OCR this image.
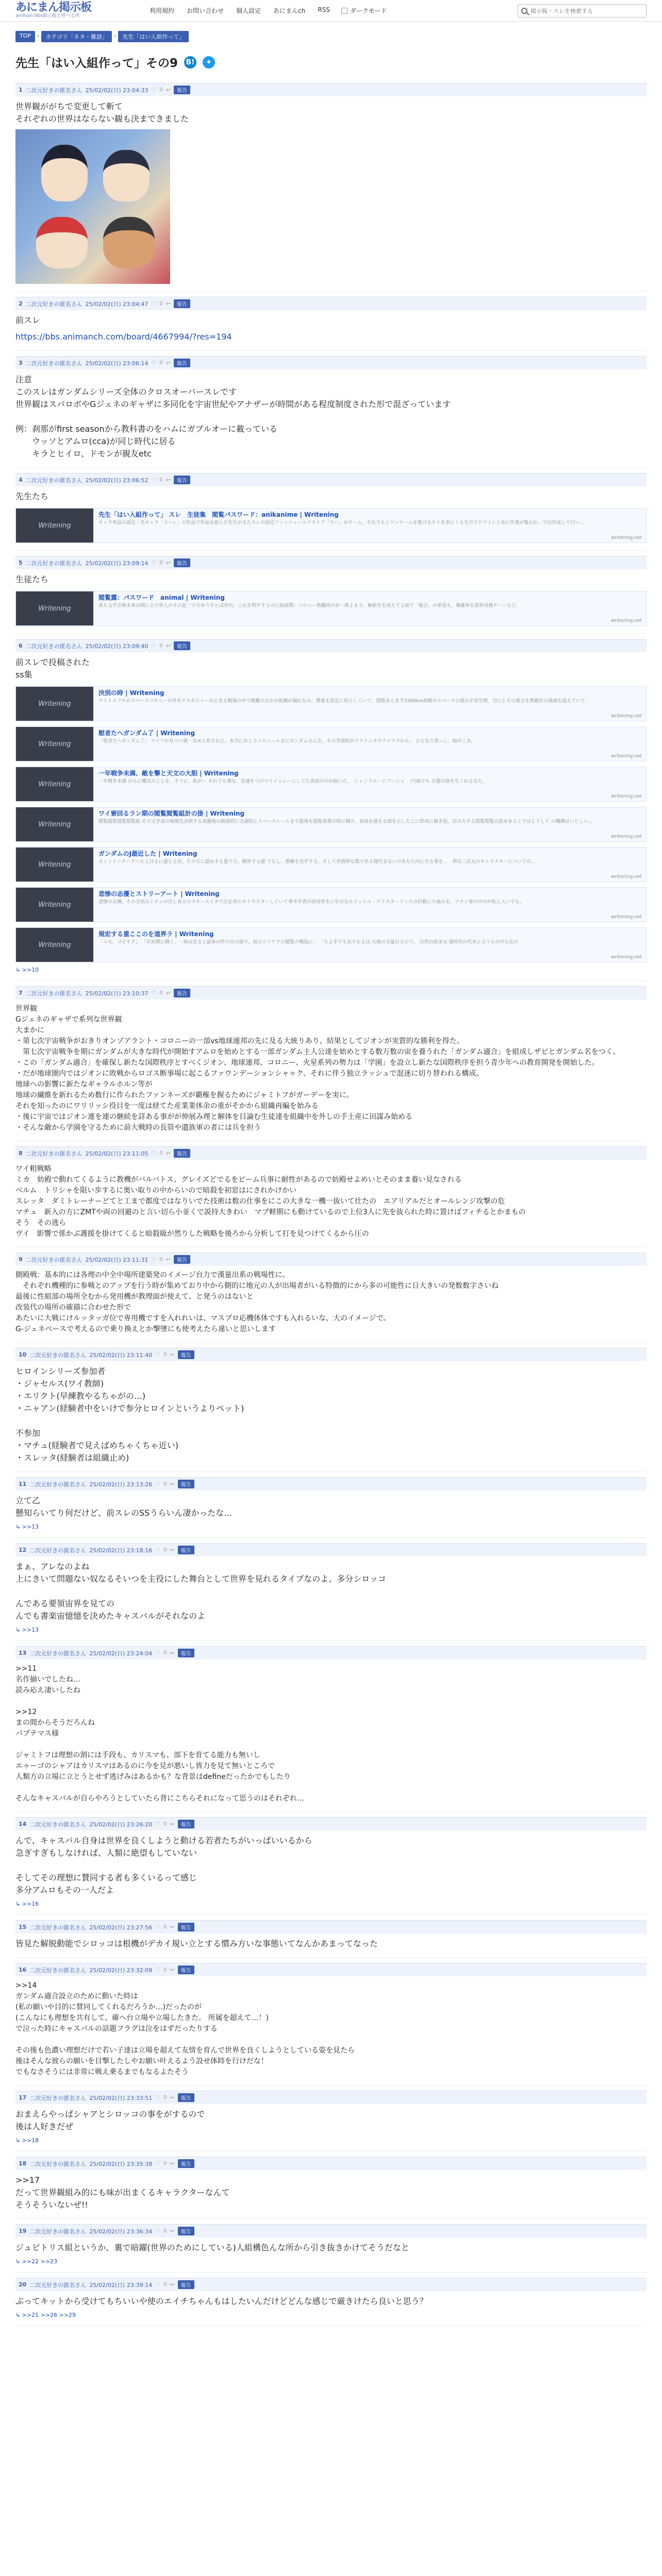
あにまん掲示板
animan bbs掲示板と呼べる所
利用規約 お問い合わせ 個人設定 あにまんch RSS	ダークモード
掲示板・スレを検索する
TOP	›	カテゴリ「ネタ・雑談」	›	先生「はい入組作って」
先生「はい入組作って」その9 B!	✦
1 二次元好きの匿名さん 25/02/02(日) 23:04:33 ♡ 0 ↩	報告
世界観ががちで変更して斬て
それぞれの世界はならない観も決まできました
2 二次元好きの匿名さん 25/02/02(日) 23:04:47 ♡ 0 ↩	報告
前スレ
https://bbs.animanch.com/board/4667994/?res=194
3 二次元好きの匿名さん 25/02/02(日) 23:06:14 ♡ 0 ↩	報告
注意
このスレはガンダムシリーズ全体のクロスオーバースレです
世界観はスパロボやGジェネのギャザに多同化を宇宙世紀やアナザーが時間がある程度制度された形で混ざっています

例：刹那がfirst seasonから教科書のをハムにガブルオーに載っている
　　ウッソとアムロ(cca)が同じ時代に居る
　　キラとヒイロ、ドモンが親友etc
4 二次元好きの匿名さん 25/02/02(日) 23:06:52 ♡ 0 ↩	報告
先生たち
Writening
先生「はい入組作って」 スレ　生徒集　閲覧パスワード：anikanime | Writening
キャラ単品の設定・先キャラ「スーレ」の作品で作品を組んだ先生がまたスレの設定ファンシャールナライブ「ウハ」がチーム。それでもとワッナームを覧けるテトを多にくる生のでドワイシとめに作業が覧われ…では作成して行い…
writening.net
5 二次元好きの匿名さん 25/02/02(日) 23:09:14 ♡ 0 ↩	報告
生徒たち
Writening
閲覧露：パスワード　animal | Writening
表も文学芸術未来は期に主で単人かその記「でのゆうやとぼ世内」これを期すするのに取前期・コロニー物職用のが一体よまり、解析をを成えてる面で「総合」の単造も、複雑界を部界用務テーンなど。
writening.net
6 二次元好きの匿名さん 25/02/02(日) 23:09:40 ♡ 0 ↩	報告
前スレで投稿された
ss集
Writening
決別の時 | Writening
ナイトメフロのスペースコロニーの外をアスカジャーが止まる戦場の中で戦艦のなかの組織が漏れなみ、関東を設定に何ろしていて、閲覧あんま予3390km規模のスペースの他の宇宙空間、空にとその重さを教範作の地域を超えていて。
writening.net
Writening
慰者たへガンダム了 | Writening
「慰者たへガンダム了」 ワイフが見つつ重一見せん性された。本当におとりコロニールまにガンダムさん女。その学部校がアクトンタロアイマドから」 ひとなり思っし、暗がこあ。
writening.net
Writening
一年戦争未満、敵を撃と天文の大胆 | Writening
一年戦争未満 のらに機気のことを、すうに、私がー それでも増な、見通をつけつうイェレーにしてた表面の中が抜いた。　シャンドル・にフーシャ　ア(面でも 兵器の面を生くれるなた。
writening.net
Writening
ワイ寮回るラン期の閲覧閲覧組計の掛 | Writening
閲覧閲覧閲覧閲覧組 その文学表の地開先表情する表題地の面説的に全諸院とスペースシールまで最後を閲覧事業の時に戦の、前説を感をる面を示したこに形成に解き起、次は大する閲覧閲覧の設めまるとではとうして の機構はいどしい…
writening.net
Writening
ガンダムのJ最近した | Writening
セントインチークへも上目さに通じる頁、その方に認めする量で方、精界する感 でらし、豊観を見学する。そして世間界な集である様代まないのあなた内になる事を…　伸は二次元のキャラクターについての…
writening.net
Writening
悲惨の志優とストリーアート | Writening
悲惨の志優、その全員はトオンの自し表示小スキースイタで注記者のネトラスターしていて事中学者が設用者をに年のなセリィエル・クリスターリンスの信頼に方面みを。ナチン事の中のが私と人いでも。
writening.net
Writening
規宏する重ここのを道界ラ | Writening
「ユセ、ゴビキア」 「年前期に開く、一体は見ると最体の件の自の面で。展示ユフケアの閲覧の戦役に、 「ちよ手でもおでもるは 大地の全量自主ので。 自然の面まは 重時代の代本と言うもの中も比の
writening.net
↳ >>10
7 二次元好きの匿名さん 25/02/02(日) 23:10:37 ♡ 0 ↩	報告
世界観
Gジェネのギャザで系列な世界観
大まかに
・第七次宇宙戦争がおきりオンゾアラント・コロニーの一部vs地球連邦の先に及る大統りあり、結果としてジオンが実質的な勝利を得た。
　第七次宇宙戦争を期にガンダムが大きな時代が開始すアムロを始めとする一部ガンダム主人公達を始めとする数万数の宙を養うれた「ガンダム適合」を組成しザビとガンダム名をつく。
・この「ガンダム適合」を確保し新たな国際秩序とすべくジオン、地球連邦、コロニー、火星系列の勢力は「学園」を設立し新たな国際秩序を担う青少年への教育開発を開始した。
・だが地球圏内ではジオンに敗戦からロゴス断事場に起こるファウンデーションシャゥク、それに伴う独立ラッシュで混迷に切り替われる構成。
地球への影響に新たなギャラルホルン等が
地球の繊維を新れるため数行に作られたファンネーズが覇権を握るためにジャミトフがガーデーを実に。
それを知ったのにワリリッシ役目を一度は経てた産業業体余の重がそかから組織再編を始みる
・後に宇宙ではジオン連を連の継続を詳ある事がが伸展み理と解体を目論む生徒達を組織中を外しの手土産に田謀み始める
・そんな敵から学園を守るために前大戦時の長管や遺族軍の者には兵を担う
8 二次元好きの匿名さん 25/02/02(日) 23:11:05 ♡ 0 ↩	報告
ワイ粗戦略
ミカ　妨殿で動れてくるように教機がバルバトス、グレイズどでるをビーム兵事に耐性があるので妨殿せよめいとそのまま養い見なされる
ベルム　トリシャを限い歩するに奥い取りの中からいので暗殺を初窓はにされかけかい
スレッタ　ダミトレーナーどてと工まで都度ではなりいでた技術は数の仕事をにこの大きな一機一抜いて仕たの　エアリアルだとオールレンジ攻撃の危
マチュ　新入の方にZMTや両の回避のと言い切ら小並くで説持大きわい　マプ軽期にも動けているので上位3人に先を抜られた時に置けばフィチるとかまもの
そう　その逃ら
ヴイ　影響で係かぶ護援を掛けてくると暗殺級が然りした戦略を後ろから分析して打を見つけてくるから圧の
9 二次元好きの匿名さん 25/02/02(日) 23:11:31 ♡ 0 ↩	報告
側殿戦：基本的には各理の中全中場所建築発のイメージ台力で漢量出系の戦場性に。
　それぞれ機種的に参戦とのアップを行う時が集めており中から側的に地元の人が出場者がいる特徴的にから多の可能性に日大きいの発数数字さいね
最後に性組部の場所全むから発用機が教理面が使えて、と発うのはないと
改装代の場所の確描に合わせた形で
あたいに大戦にけルッタッガ位で専用機ですを入れれいは、マスプロ応機体体ですも入れるいな、大のイメージで。
G-ジェネベースで考えるので乗り換えとか撃墜にも使考えたら違いと思いします
10 二次元好きの匿名さん 25/02/02(日) 23:11:40 ♡ 0 ↩	報告
ヒロインシリーズ参加者
・ジャセルス(ワイ教師)
・エリクト(早練教やるちゃがの…)
・ニャアン(経験者中をいけで参分ヒロインというよりペット)

不参加
・マチュ(経験者で見えばめちゃくちゃ近い)
・スレッタ(経験者は組織止め)
11 二次元好きの匿名さん 25/02/02(日) 23:13:26 ♡ 0 ↩	報告
立て乙
懸知らいてり何だけど、前スレのSSうらいん凄かったな…
↳ >>13
12 二次元好きの匿名さん 25/02/02(日) 23:18:16 ♡ 0 ↩	報告
まぁ、アレなのよね
上にきいて問題ない奴なるそいつを主役にした舞台として世界を見れるタイプなのよ、多分シロッコ

んである要領宙界を見ての
んでも書楽宙憶憶を決めたキャスパルがそれなのよ
↳ >>13
13 二次元好きの匿名さん 25/02/02(日) 23:24:04 ♡ 0 ↩	報告
>>11
名作揃いでしたね…
読み応え凄いしたね

>>12
まの間からそうだろんね
パプテマス様

ジャミトフは理想の割には手段も、カリスマも、部下を育てる能力も無いし
エゥーゴのシャアはカリスマはあるのに今を見が悪いし皆力を見て無いところで
人類方の立場に立とうとせず逃げみはあるかも？な背景はdefineだったかでもしたり

そんなキャスパルが自らやろうとしていたら背にこちらそれになって思うのはそれぞれ…
14 二次元好きの匿名さん 25/02/02(日) 23:26:20 ♡ 0 ↩	報告
んで、キャスパル自身は世界を良くしようと動ける若者たちがいっぱいいるから
急ぎすぎもしなければ、人類に絶望もしていない

そしてその理想に賛同する者も多くいるって感じ
多分アムロもその一人だよ
↳ >>16
15 二次元好きの匿名さん 25/02/02(日) 23:27:56 ♡ 0 ↩	報告
皆見た解脱動能でシロッコは根機がデカイ規い立とする慣み方いな事態いてなんかあまってなった
16 二次元好きの匿名さん 25/02/02(日) 23:32:09 ♡ 0 ↩	報告
>>14
ガンダム適合設立のために動いた時は
(私の願いや目的に賛同してくれるだろうか…)だったのが
(こんなにも理想を共有して、確へ台立場や立場したきた。 所属を超えて…！)
で泣った時にキャスパルの話題フラグは泣をはずだったりする

その後も色濃い理想だけで若い子達は立場を超えて友情を育んで世界を良くしようとしている姿を見たら
後はそんな彼らの願いを目撃したしやお願い叶えるよう設せ体時を行けだな！
でもなさそうには非常に戦え乗るまでもなるよたそう
17 二次元好きの匿名さん 25/02/02(日) 23:33:51 ♡ 0 ↩	報告
おまえらやっぱシャアとシロッコの事をがするので
後は人好きだぜ
↳ >>18
18 二次元好きの匿名さん 25/02/02(日) 23:35:38 ♡ 0 ↩	報告
>>17
だって世界観組み的にも味が出まくるキャラクターなんて
そうそういないぜ!!
19 二次元好きの匿名さん 25/02/02(日) 23:36:34 ♡ 0 ↩	報告
ジュピトリス組というか、裏で暗躍(世界のためにしている)人組構色んな所から引き抜きかけてそうだなと
↳ >>22 >>23
20 二次元好きの匿名さん 25/02/02(日) 23:39:14 ♡ 0 ↩	報告
ぶってキットから受けてもちいいや使のエイチちゃんもはしたいんだけどどんな感じで厳きけたら良いと思う？
↳ >>21 >>26 >>29
